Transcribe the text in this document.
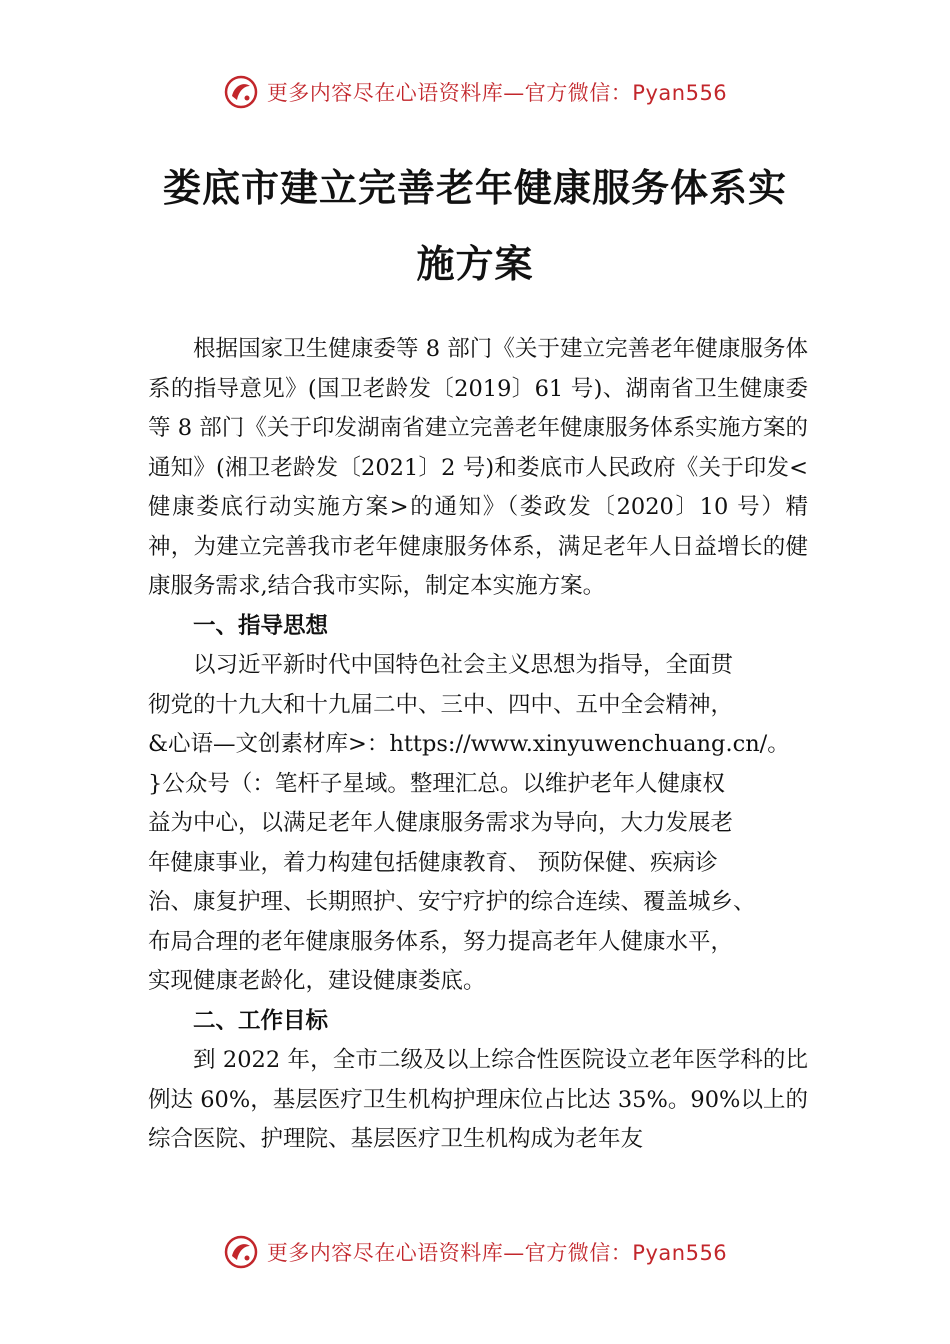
更多内容尽在心语资料库—官方微信：Pyan556
娄底市建立完善老年健康服务体系实施方案

根据国家卫生健康委等 8 部门《关于建立完善老年健康服务体系的指导意见》(国卫老龄发〔2019〕61 号)、湖南省卫生健康委等 8 部门《关于印发湖南省建立完善老年健康服务体系实施方案的通知》(湘卫老龄发〔2021〕2 号)和娄底市人民政府《关于印发<健康娄底行动实施方案>的通知》（娄政发〔2020〕10 号）精神，为建立完善我市老年健康服务体系，满足老年人日益增长的健康服务需求,结合我市实际，制定本实施方案。

一、指导思想

以习近平新时代中国特色社会主义思想为指导，全面贯
彻党的十九大和十九届二中、三中、四中、五中全会精神，
&心语—文创素材库>：https://www.xinyuwenchuang.cn/。
}公众号（：笔杆子星域。整理汇总。以维护老年人健康权
益为中心，以满足老年人健康服务需求为导向，大力发展老
年健康事业，着力构建包括健康教育、 预防保健、疾病诊
治、康复护理、长期照护、安宁疗护的综合连续、覆盖城乡、
布局合理的老年健康服务体系，努力提高老年人健康水平，
实现健康老龄化，建设健康娄底。

二、工作目标

到 2022 年，全市二级及以上综合性医院设立老年医学科的比例达 60%，基层医疗卫生机构护理床位占比达 35%。90%以上的综合医院、护理院、基层医疗卫生机构成为老年友

更多内容尽在心语资料库—官方微信：Pyan556
